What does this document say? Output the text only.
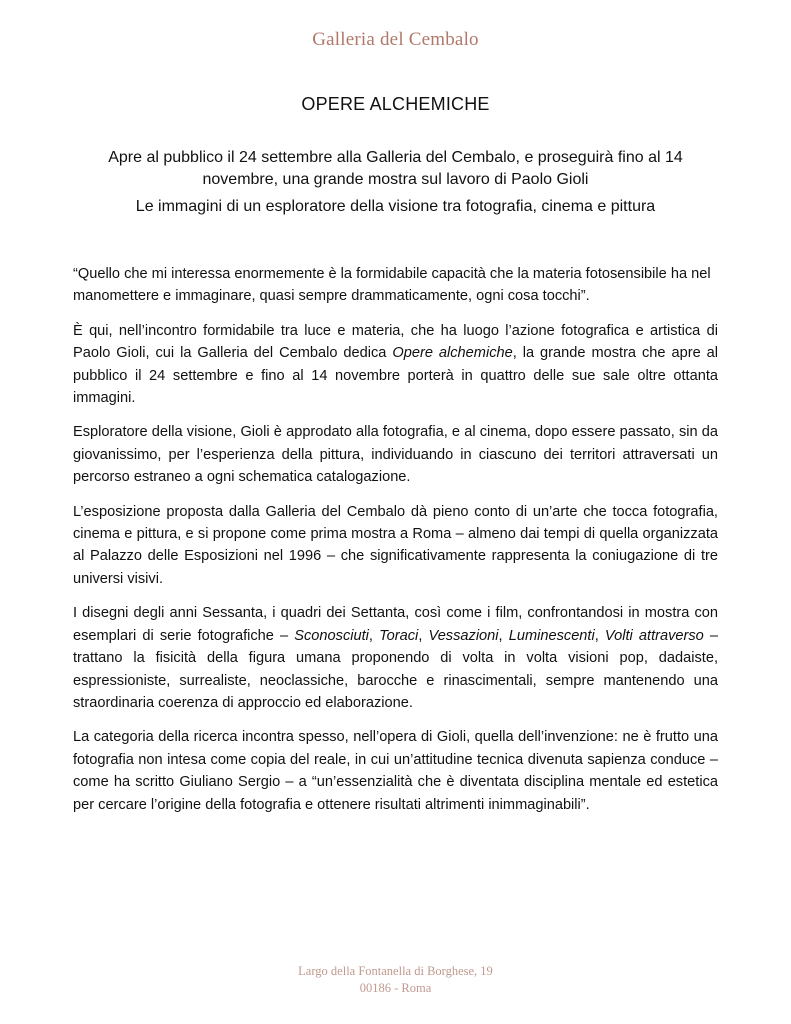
Galleria del Cembalo
OPERE ALCHEMICHE
Apre al pubblico il 24 settembre alla Galleria del Cembalo, e proseguirà fino al 14 novembre, una grande mostra sul lavoro di Paolo Gioli
Le immagini di un esploratore della visione tra fotografia, cinema e pittura

“Quello che mi interessa enormemente è la formidabile capacità che la materia fotosensibile ha nel manomettere e immaginare, quasi sempre drammaticamente, ogni cosa tocchi”.

È qui, nell’incontro formidabile tra luce e materia, che ha luogo l’azione fotografica e artistica di Paolo Gioli, cui la Galleria del Cembalo dedica Opere alchemiche, la grande mostra che apre al pubblico il 24 settembre e fino al 14 novembre porterà in quattro delle sue sale oltre ottanta immagini.

Esploratore della visione, Gioli è approdato alla fotografia, e al cinema, dopo essere passato, sin da giovanissimo, per l’esperienza della pittura, individuando in ciascuno dei territori attraversati un percorso estraneo a ogni schematica catalogazione.

L’esposizione proposta dalla Galleria del Cembalo dà pieno conto di un’arte che tocca fotografia, cinema e pittura, e si propone come prima mostra a Roma – almeno dai tempi di quella organizzata al Palazzo delle Esposizioni nel 1996 – che significativamente rappresenta la coniugazione di tre universi visivi.

I disegni degli anni Sessanta, i quadri dei Settanta, così come i film, confrontandosi in mostra con esemplari di serie fotografiche – Sconosciuti, Toraci, Vessazioni, Luminescenti, Volti attraverso – trattano la fisicità della figura umana proponendo di volta in volta visioni pop, dadaiste, espressioniste, surrealiste, neoclassiche, barocche e rinascimentali, sempre mantenendo una straordinaria coerenza di approccio ed elaborazione.

La categoria della ricerca incontra spesso, nell’opera di Gioli, quella dell’invenzione: ne è frutto una fotografia non intesa come copia del reale, in cui un’attitudine tecnica divenuta sapienza conduce – come ha scritto Giuliano Sergio – a “un’essenzialità che è diventata disciplina mentale ed estetica per cercare l’origine della fotografia e ottenere risultati altrimenti inimmaginabili”.

Largo della Fontanella di Borghese, 19
00186 - Roma
